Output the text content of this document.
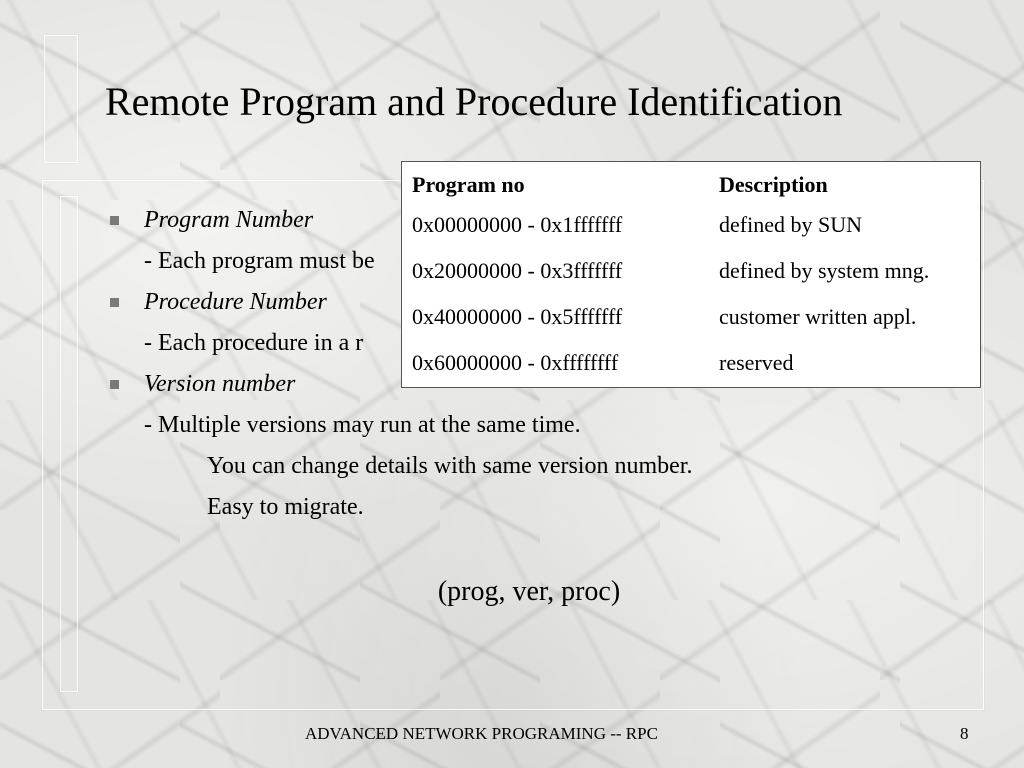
Remote Program and Procedure Identification
Program Number
- Each program must be
Procedure Number
- Each procedure in a r
Version number
- Multiple versions may run at the same time.
You can change details with same version number.
Easy to migrate.
(prog, ver, proc)
Program no	Description
0x00000000 - 0x1fffffff	defined by SUN
0x20000000 - 0x3fffffff	defined by system mng.
0x40000000 - 0x5fffffff	customer written appl.
0x60000000 - 0xffffffff	reserved
ADVANCED NETWORK PROGRAMING -- RPC	8
